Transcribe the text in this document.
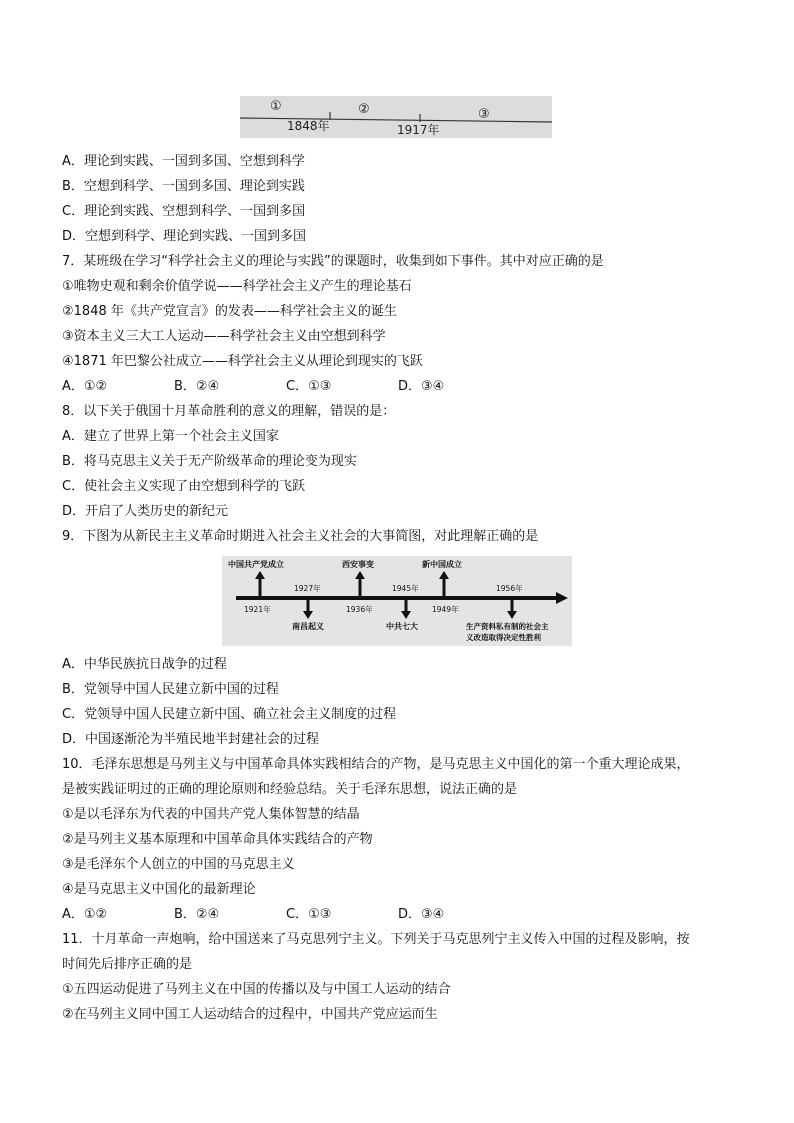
①	②	③
1848年	1917年
A．理论到实践、一国到多国、空想到科学
B．空想到科学、一国到多国、理论到实践
C．理论到实践、空想到科学、一国到多国
D．空想到科学、理论到实践、一国到多国
7．某班级在学习“科学社会主义的理论与实践”的课题时，收集到如下事件。其中对应正确的是
①唯物史观和剩余价值学说——科学社会主义产生的理论基石
②1848 年《共产党宣言》的发表——科学社会主义的诞生
③资本主义三大工人运动——科学社会主义由空想到科学
④1871 年巴黎公社成立——科学社会主义从理论到现实的飞跃
A．①②	B．②④	C．①③	D．③④
8．以下关于俄国十月革命胜利的意义的理解，错误的是：
A．建立了世界上第一个社会主义国家
B．将马克思主义关于无产阶级革命的理论变为现实
C．使社会主义实现了由空想到科学的飞跃
D．开启了人类历史的新纪元
9．下图为从新民主主义革命时期进入社会主义社会的大事简图，对此理解正确的是
中国共产党成立	西安事变	新中国成立
1921年
1927年
1936年
1945年
1949年
1956年
南昌起义	中共七大	生产资料私有制的社会主
义改造取得决定性胜利
A．中华民族抗日战争的过程
B．党领导中国人民建立新中国的过程
C．党领导中国人民建立新中国、确立社会主义制度的过程
D．中国逐渐沦为半殖民地半封建社会的过程
10．毛泽东思想是马列主义与中国革命具体实践相结合的产物，是马克思主义中国化的第一个重大理论成果，
是被实践证明过的正确的理论原则和经验总结。关于毛泽东思想，说法正确的是
①是以毛泽东为代表的中国共产党人集体智慧的结晶
②是马列主义基本原理和中国革命具体实践结合的产物
③是毛泽东个人创立的中国的马克思主义
④是马克思主义中国化的最新理论
A．①②	B．②④	C．①③	D．③④
11．十月革命一声炮响，给中国送来了马克思列宁主义。下列关于马克思列宁主义传入中国的过程及影响，按
时间先后排序正确的是
①五四运动促进了马列主义在中国的传播以及与中国工人运动的结合
②在马列主义同中国工人运动结合的过程中，中国共产党应运而生
